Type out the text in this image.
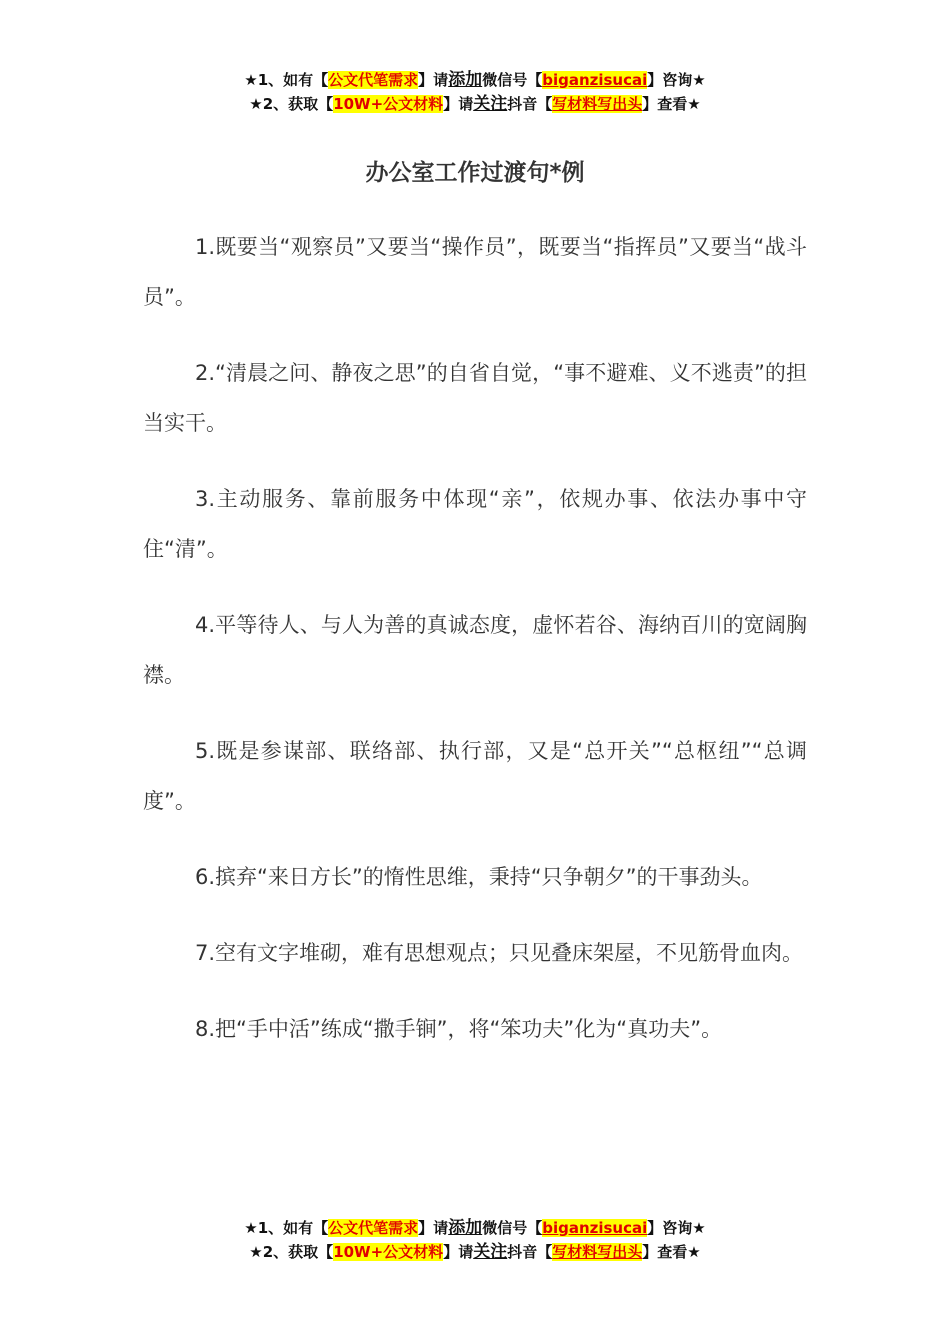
★1、如有【公文代笔需求】请添加微信号【biganzisucai】咨询★
★2、获取【10W+公文材料】请关注抖音【写材料写出头】查看★
办公室工作过渡句*例

1.既要当“观察员”又要当“操作员”，既要当“指挥员”又要当“战斗员”。

2.“清晨之问、静夜之思”的自省自觉，“事不避难、义不逃责”的担当实干。

3.主动服务、靠前服务中体现“亲”，依规办事、依法办事中守住“清”。

4.平等待人、与人为善的真诚态度，虚怀若谷、海纳百川的宽阔胸襟。

5.既是参谋部、联络部、执行部，又是“总开关”“总枢纽”“总调度”。

6.摈弃“来日方长”的惰性思维，秉持“只争朝夕”的干事劲头。

7.空有文字堆砌，难有思想观点；只见叠床架屋，不见筋骨血肉。

8.把“手中活”练成“撒手锏”，将“笨功夫”化为“真功夫”。

★1、如有【公文代笔需求】请添加微信号【biganzisucai】咨询★
★2、获取【10W+公文材料】请关注抖音【写材料写出头】查看★
